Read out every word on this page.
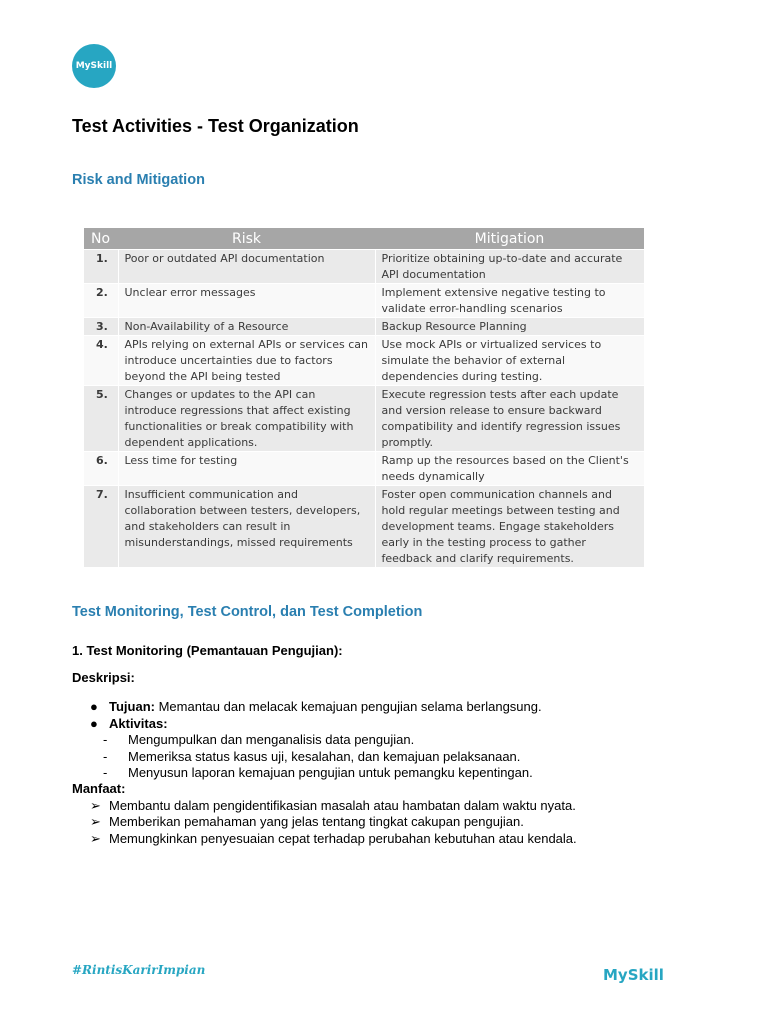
MySkill
Test Activities - Test Organization
Risk and Mitigation
No	Risk	Mitigation
1.	Poor or outdated API documentation	Prioritize obtaining up-to-date and accurate API documentation
2.	Unclear error messages	Implement extensive negative testing to validate error-handling scenarios
3.	Non-Availability of a Resource	Backup Resource Planning
4.	APIs relying on external APIs or services can introduce uncertainties due to factors beyond the API being tested	Use mock APIs or virtualized services to simulate the behavior of external dependencies during testing.
5.	Changes or updates to the API can introduce regressions that affect existing functionalities or break compatibility with dependent applications.	Execute regression tests after each update and version release to ensure backward compatibility and identify regression issues promptly.
6.	Less time for testing	Ramp up the resources based on the Client's needs dynamically
7.	Insufficient communication and collaboration between testers, developers, and stakeholders can result in misunderstandings, missed requirements	Foster open communication channels and hold regular meetings between testing and development teams. Engage stakeholders early in the testing process to gather feedback and clarify requirements.
Test Monitoring, Test Control, dan Test Completion
1. Test Monitoring (Pemantauan Pengujian):
Deskripsi:
● Tujuan: Memantau dan melacak kemajuan pengujian selama berlangsung.
● Aktivitas:
- Mengumpulkan dan menganalisis data pengujian.
- Memeriksa status kasus uji, kesalahan, dan kemajuan pelaksanaan.
- Menyusun laporan kemajuan pengujian untuk pemangku kepentingan.
Manfaat:
➢ Membantu dalam pengidentifikasian masalah atau hambatan dalam waktu nyata.
➢ Memberikan pemahaman yang jelas tentang tingkat cakupan pengujian.
➢ Memungkinkan penyesuaian cepat terhadap perubahan kebutuhan atau kendala.
#RintisKarirImpian	MySkill
